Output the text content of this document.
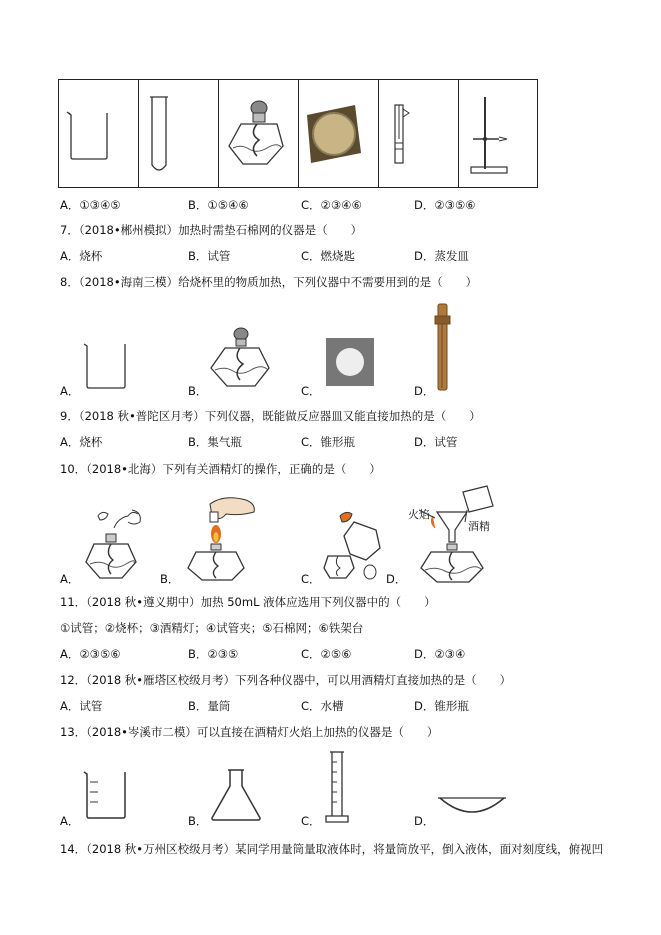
A．①③④⑤	B．①⑤④⑥	C．②③④⑥	D．②③⑤⑥
7．（2018•郴州模拟）加热时需垫石棉网的仪器是（　　）
A．烧杯	B．试管	C．燃烧匙	D．蒸发皿
8．（2018•海南三模）给烧杯里的物质加热，下列仪器中不需要用到的是（　　）
A．	B．	C．	D．
9．（2018 秋•普陀区月考）下列仪器，既能做反应器皿又能直接加热的是（　　）
A．烧杯	B．集气瓶	C．锥形瓶	D．试管
10．（2018•北海）下列有关酒精灯的操作，正确的是（　　）
A．	B．	C．	D．
火焰
酒精
11．（2018 秋•遵义期中）加热 50mL 液体应选用下列仪器中的（　　）
①试管；②烧杯；③酒精灯；④试管夹；⑤石棉网；⑥铁架台
A．②③⑤⑥	B．②③⑤	C．②⑤⑥	D．②③④
12．（2018 秋•雁塔区校级月考）下列各种仪器中，可以用酒精灯直接加热的是（　　）
A．试管	B．量筒	C．水槽	D．锥形瓶
13．（2018•岑溪市二模）可以直接在酒精灯火焰上加热的仪器是（　　）
A．	B．	C．	D．
14．（2018 秋•万州区校级月考）某同学用量筒量取液体时，将量筒放平，倒入液体，面对刻度线，俯视凹
